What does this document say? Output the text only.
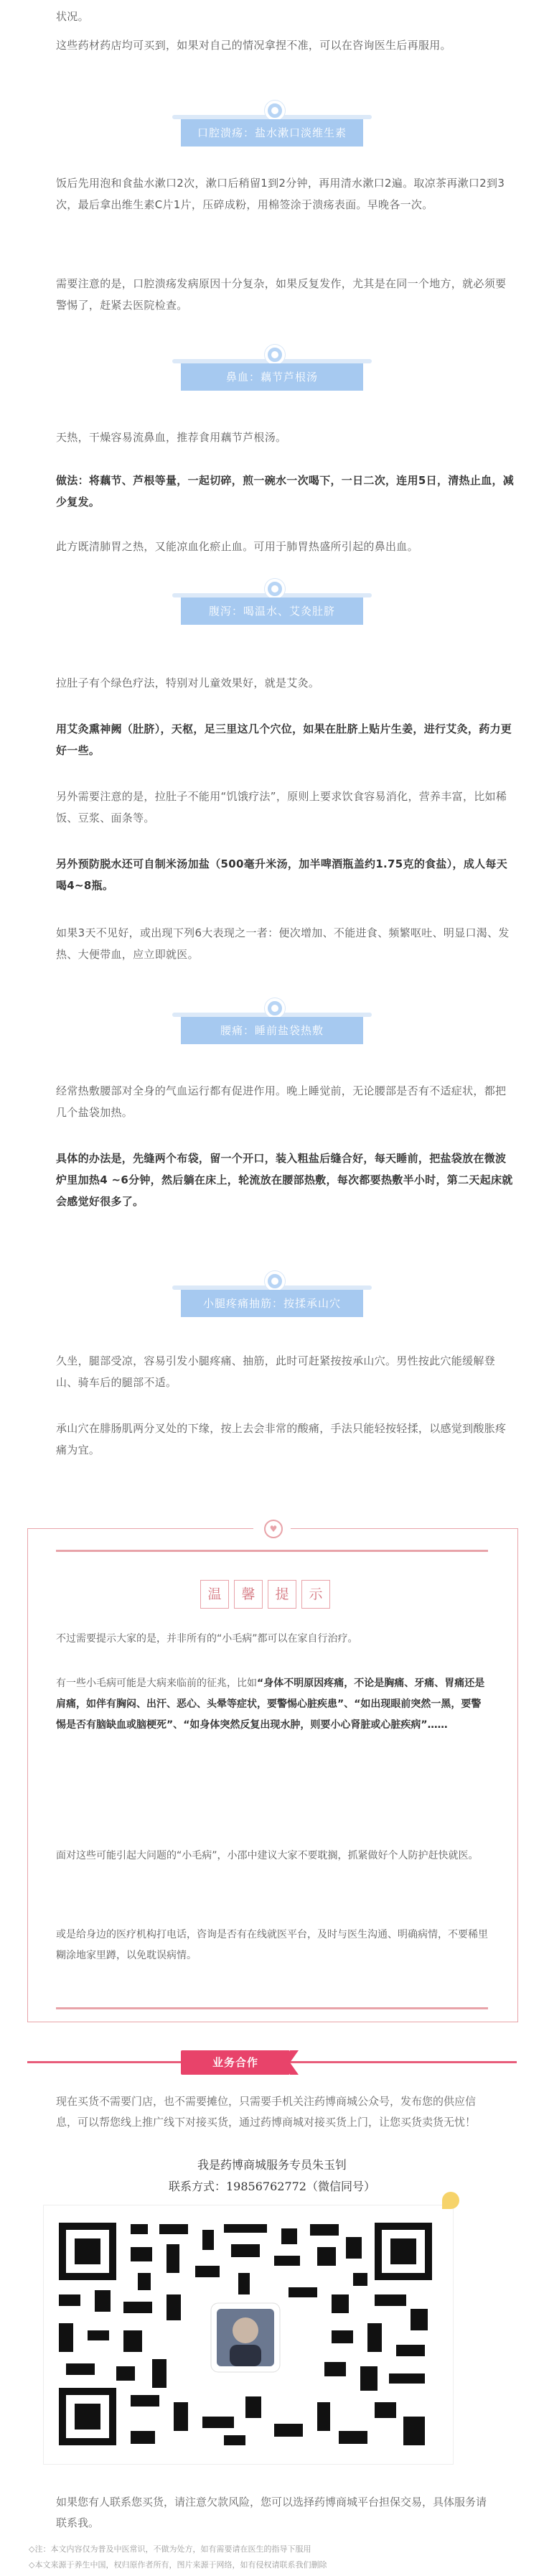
状况。

这些药材药店均可买到，如果对自己的情况拿捏不准，可以在咨询医生后再服用。

口腔溃疡：盐水漱口淡维生素

饭后先用泡和食盐水漱口2次，漱口后稍留1到2分钟，再用清水漱口2遍。取凉茶再漱口2到3次，最后拿出维生素C片1片，压碎成粉，用棉签涂于溃疡表面。早晚各一次。

需要注意的是，口腔溃疡发病原因十分复杂，如果反复发作，尤其是在同一个地方，就必须要警惕了，赶紧去医院检查。

鼻血：藕节芦根汤

天热，干燥容易流鼻血，推荐食用藕节芦根汤。

做法：将藕节、芦根等量，一起切碎，煎一碗水一次喝下，一日二次，连用5日，清热止血，减少复发。

此方既清肺胃之热，又能凉血化瘀止血。可用于肺胃热盛所引起的鼻出血。

腹泻：喝温水、艾灸肚脐

拉肚子有个绿色疗法，特别对儿童效果好，就是艾灸。

用艾灸熏神阙（肚脐），天枢，足三里这几个穴位，如果在肚脐上贴片生姜，进行艾灸，药力更好一些。

另外需要注意的是，拉肚子不能用“饥饿疗法”，原则上要求饮食容易消化，营养丰富，比如稀饭、豆浆、面条等。

另外预防脱水还可自制米汤加盐（500毫升米汤，加半啤酒瓶盖约1.75克的食盐），成人每天喝4~8瓶。

如果3天不见好，或出现下列6大表现之一者：便次增加、不能进食、频繁呕吐、明显口渴、发热、大便带血，应立即就医。

腰痛：睡前盐袋热敷

经常热敷腰部对全身的气血运行都有促进作用。晚上睡觉前，无论腰部是否有不适症状，都把几个盐袋加热。

具体的办法是，先缝两个布袋，留一个开口，装入粗盐后缝合好，每天睡前，把盐袋放在微波炉里加热4 ~6分钟，然后躺在床上，轮流放在腰部热敷，每次都要热敷半小时，第二天起床就会感觉好很多了。

小腿疼痛抽筋：按揉承山穴

久坐，腿部受凉，容易引发小腿疼痛、抽筋，此时可赶紧按按承山穴。男性按此穴能缓解登山、骑车后的腿部不适。

承山穴在腓肠肌两分叉处的下缘，按上去会非常的酸痛，手法只能轻按轻揉，以感觉到酸胀疼痛为宜。

♥
温	馨	提	示

不过需要提示大家的是，并非所有的“小毛病”都可以在家自行治疗。

有一些小毛病可能是大病来临前的征兆，比如“身体不明原因疼痛，不论是胸痛、牙痛、胃痛还是肩痛，如伴有胸闷、出汗、恶心、头晕等症状，要警惕心脏疾患”、“如出现眼前突然一黑，要警惕是否有脑缺血或脑梗死”、“如身体突然反复出现水肿，则要小心肾脏或心脏疾病”……

面对这些可能引起大问题的“小毛病”，小邵中建议大家不要耽搁，抓紧做好个人防护赶快就医。

或是给身边的医疗机构打电话，咨询是否有在线就医平台，及时与医生沟通、明确病情，不要稀里糊涂地家里蹲，以免耽误病情。

业务合作

现在买货不需要门店，也不需要摊位，只需要手机关注药博商城公众号，发布您的供应信息，可以帮您线上推广线下对接买货，通过药博商城对接买货上门，让您买货卖货无忧！

我是药博商城服务专员朱玉钊

联系方式：19856762772（微信同号）

如果您有人联系您买货，请注意欠款风险，您可以选择药博商城平台担保交易，具体服务请联系我。

◇注：本文内容仅为普及中医常识，不做为处方，如有需要请在医生的指导下服用

◇本文来源于养生中国，权归原作者所有，图片来源于网络，如有侵权请联系我们删除
